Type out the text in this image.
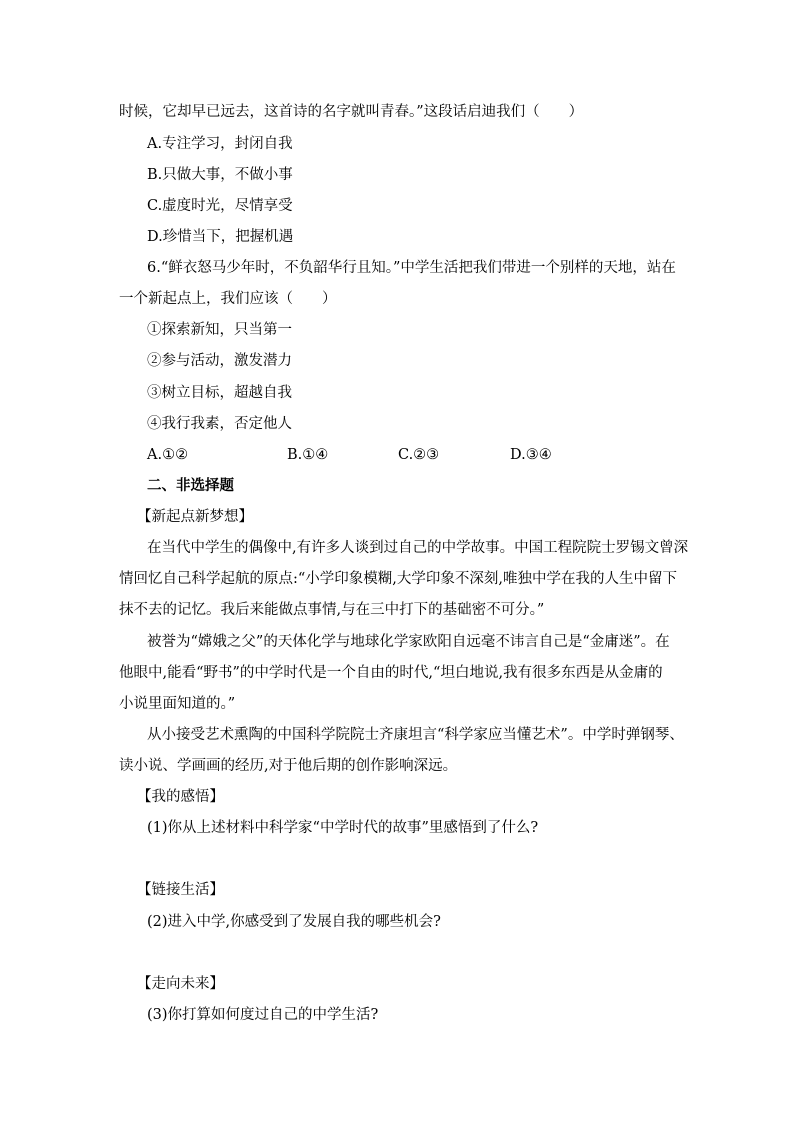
时候，它却早已远去，这首诗的名字就叫青春。”这段话启迪我们（　　）
A.专注学习，封闭自我
B.只做大事，不做小事
C.虚度时光，尽情享受
D.珍惜当下，把握机遇
6.“鲜衣怒马少年时，不负韶华行且知。”中学生活把我们带进一个别样的天地，站在
一个新起点上，我们应该（　　）
①探索新知，只当第一
②参与活动，激发潜力
③树立目标，超越自我
④我行我素，否定他人
A.①②	B.①④	C.②③	D.③④
二、非选择题
【新起点新梦想】
在当代中学生的偶像中,有许多人谈到过自己的中学故事。中国工程院院士罗锡文曾深
情回忆自己科学起航的原点:“小学印象模糊,大学印象不深刻,唯独中学在我的人生中留下
抹不去的记忆。我后来能做点事情,与在三中打下的基础密不可分。”
被誉为“嫦娥之父”的天体化学与地球化学家欧阳自远毫不讳言自己是“金庸迷”。在
他眼中,能看“野书”的中学时代是一个自由的时代,“坦白地说,我有很多东西是从金庸的
小说里面知道的。”
从小接受艺术熏陶的中国科学院院士齐康坦言“科学家应当懂艺术”。中学时弹钢琴、
读小说、学画画的经历,对于他后期的创作影响深远。
【我的感悟】
(1)你从上述材料中科学家“中学时代的故事”里感悟到了什么?
【链接生活】
(2)进入中学,你感受到了发展自我的哪些机会?
【走向未来】
(3)你打算如何度过自己的中学生活?
